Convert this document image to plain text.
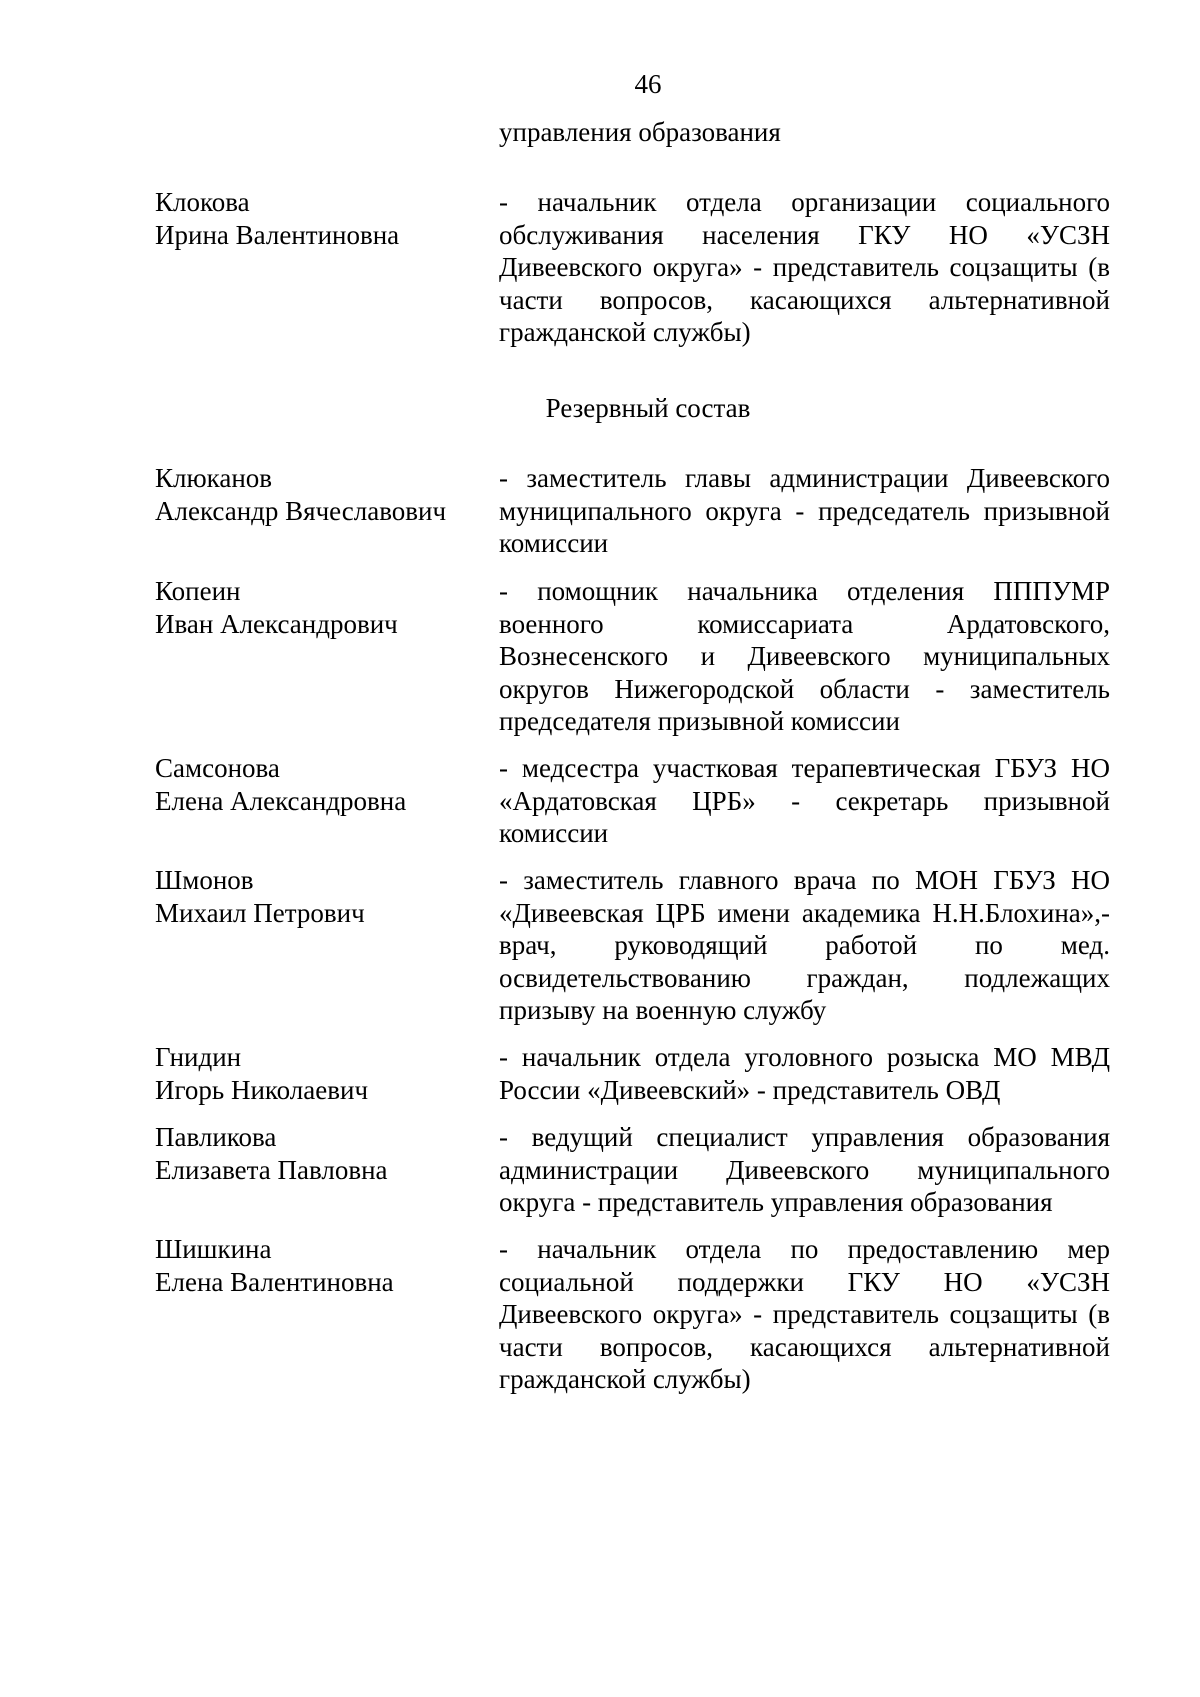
46
управления образования
Клокова
Ирина Валентиновна
- начальник отдела организации социального обслуживания населения ГКУ НО «УСЗН Дивеевского округа» - представитель соцзащиты (в части вопросов, касающихся альтернативной гражданской службы)
Резервный состав
Клюканов
Александр Вячеславович
- заместитель главы администрации Дивеевского муниципального округа - председатель призывной комиссии
Копеин
Иван Александрович
- помощник начальника отделения ПППУМР военного комиссариата Ардатовского, Вознесенского и Дивеевского муниципальных округов Нижегородской области - заместитель председателя призывной комиссии
Самсонова
Елена Александровна
- медсестра участковая терапевтическая ГБУЗ НО «Ардатовская ЦРБ» - секретарь призывной комиссии
Шмонов
Михаил Петрович
- заместитель главного врача по МОН ГБУЗ НО «Дивеевская ЦРБ имени академика Н.Н.Блохина»,- врач, руководящий работой по мед. освидетельствованию граждан, подлежащих призыву на военную службу
Гнидин
Игорь Николаевич
- начальник отдела уголовного розыска МО МВД России «Дивеевский» - представитель ОВД
Павликова
Елизавета Павловна
- ведущий специалист управления образования администрации Дивеевского муниципального округа - представитель управления образования
Шишкина
Елена Валентиновна
- начальник отдела по предоставлению мер социальной поддержки ГКУ НО «УСЗН Дивеевского округа» - представитель соцзащиты (в части вопросов, касающихся альтернативной гражданской службы)
